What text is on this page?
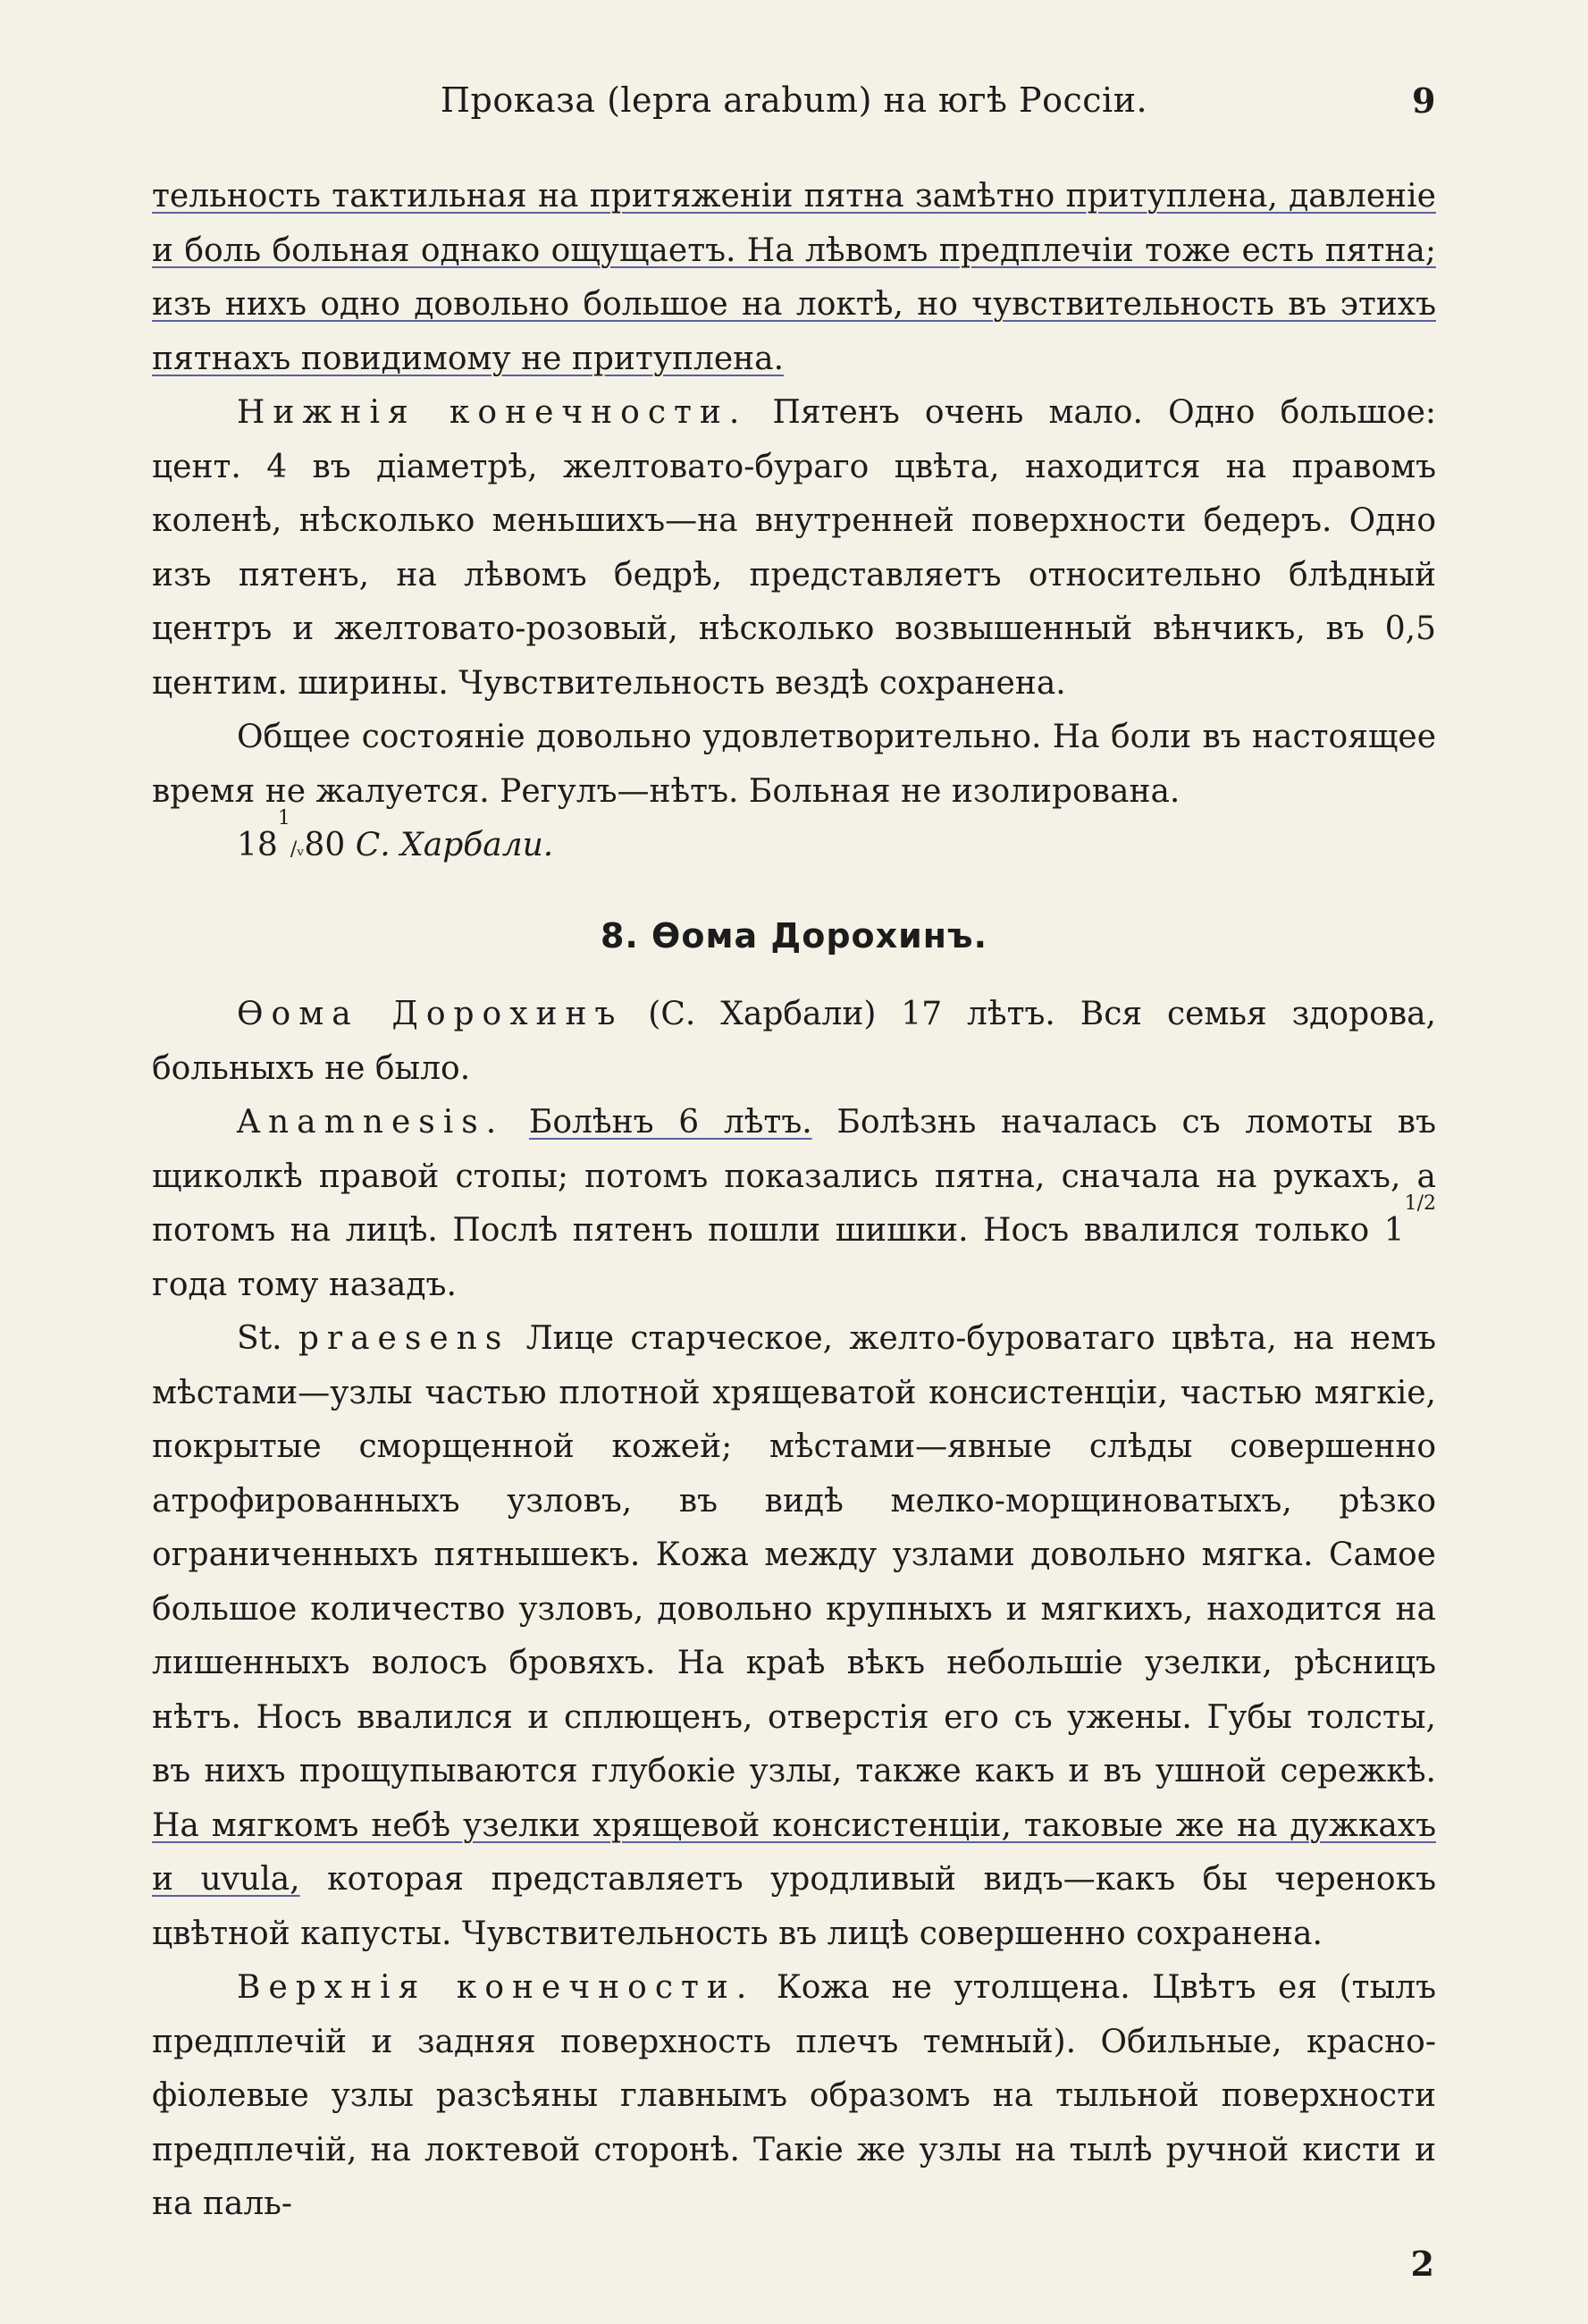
Проказа (lepra arabum) на югѣ Россіи.	9

тельность тактильная на притяженіи пятна замѣтно притуплена, давленіе и боль больная однако ощущаетъ. На лѣвомъ предплечіи тоже есть пятна; изъ нихъ одно довольно большое на локтѣ, но чувствительность въ этихъ пятнахъ повидимому не притуплена.

Нижнія конечности. Пятенъ очень мало. Одно большое: цент. 4 въ діаметрѣ, желтовато-бураго цвѣта, находится на правомъ коленѣ, нѣсколько меньшихъ—на внутренней поверхности бедеръ. Одно изъ пятенъ, на лѣвомъ бедрѣ, представляетъ относительно блѣдный центръ и желтовато-розовый, нѣсколько возвышенный вѣнчикъ, въ 0,5 центим. ширины. Чувствительность вездѣ сохранена.

Общее состояніе довольно удовлетворительно. На боли въ настоящее время не жалуется. Регулъ—нѣтъ. Больная не изолирована.

$18^1/ᵥ80$ С. Харбали.

8. Ѳома Дорохинъ.

Ѳома Дорохинъ (С. Харбали) 17 лѣтъ. Вся семья здорова, больныхъ не было.

Anamnesis. Болѣнъ 6 лѣтъ. Болѣзнь началась съ ломоты въ щиколкѣ правой стопы; потомъ показались пятна, сначала на рукахъ, а потомъ на лицѣ. Послѣ пятенъ пошли шишки. Носъ ввалился только $1^{1/2}$ года тому назадъ.

St. praesens Лице старческое, желто-буроватаго цвѣта, на немъ мѣстами—узлы частью плотной хрящеватой консистенціи, частью мягкіе, покрытые сморщенной кожей; мѣстами—явные слѣды совершенно атрофированныхъ узловъ, въ видѣ мелко-морщиноватыхъ, рѣзко ограниченныхъ пятнышекъ. Кожа между узлами довольно мягка. Самое большое количество узловъ, довольно крупныхъ и мягкихъ, находится на лишенныхъ волосъ бровяхъ. На краѣ вѣкъ небольшіе узелки, рѣсницъ нѣтъ. Носъ ввалился и сплющенъ, отверстія его съ ужены. Губы толсты, въ нихъ прощупываются глубокіе узлы, также какъ и въ ушной сережкѣ. На мягкомъ небѣ узелки хрящевой консистенціи, таковые же на дужкахъ и uvula, которая представляетъ уродливый видъ—какъ бы черенокъ цвѣтной капусты. Чувствительность въ лицѣ совершенно сохранена.

Верхнія конечности. Кожа не утолщена. Цвѣтъ ея (тылъ предплечій и задняя поверхность плечъ темный). Обильные, красно-фіолевые узлы разсѣяны главнымъ образомъ на тыльной поверхности предплечій, на локтевой сторонѣ. Такіе же узлы на тылѣ ручной кисти и на паль-

2
